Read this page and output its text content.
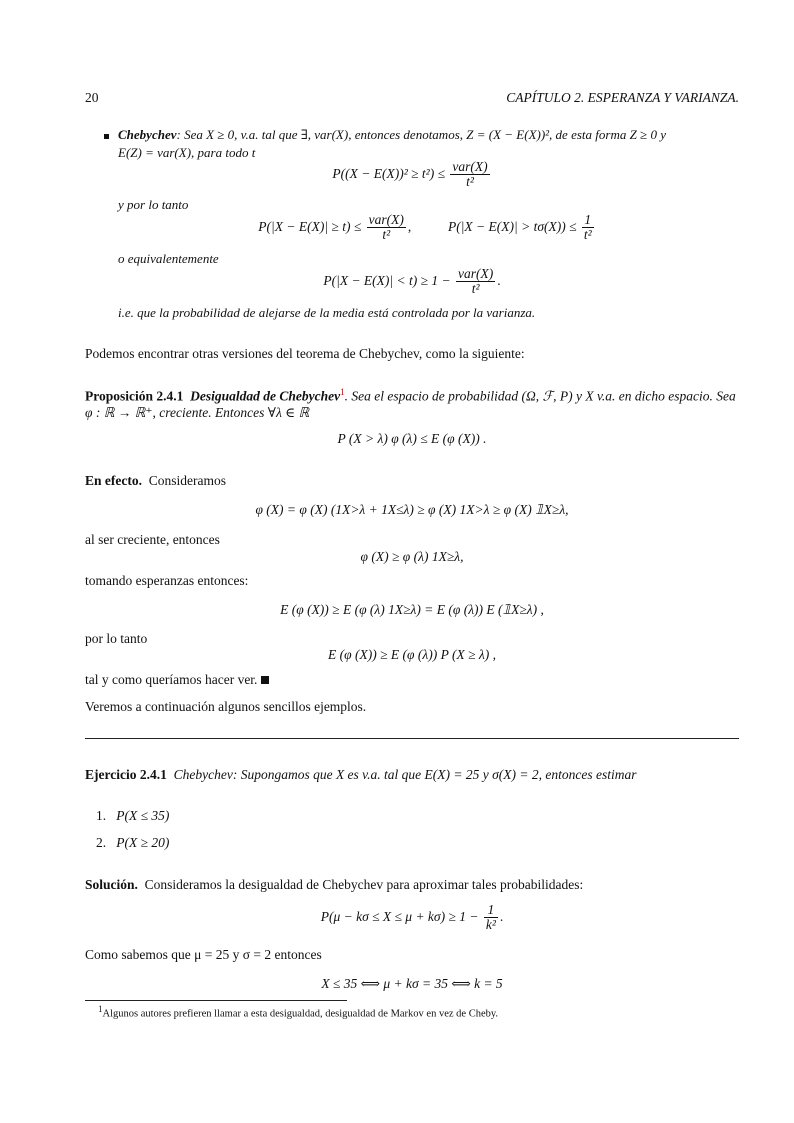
20	CAPÍTULO 2. ESPERANZA Y VARIANZA.
Chebychev: Sea X ≥ 0, v.a. tal que ∃, var(X), entonces denotamos, Z = (X − E(X))², de esta forma Z ≥ 0 y
E(Z) = var(X), para todo t
$P((X - E(X))^2 \ge t^2) \le \frac{\text{var(X)}}{\text{t²}}$
y por lo tanto
$P(|X - E(X)| \ge t) \le \frac{\text{var(X)}}{\text{t²}}$ ,	$P(|X - E(X)| > t\sigma(X)) \le \frac{1}{\text{t²}}$
o equivalentemente
$P(|X - E(X)| < t) \ge 1 - \frac{\text{var(X)}}{\text{t²}}$ .
i.e. que la probabilidad de alejarse de la media está controlada por la varianza.
Podemos encontrar otras versiones del teorema de Chebychev, como la siguiente:
Proposición 2.4.1 Desigualdad de Chebychev$^1$. Sea el espacio de probabilidad (Ω, ℱ, P) y X v.a. en dicho espacio. Sea
φ : ℝ → ℝ⁺, creciente. Entonces ∀λ ∈ ℝ
P (X > λ) φ (λ) ≤ E (φ (X)) .
En efecto. Consideramos
φ (X) = φ (X) (1X>λ + 1X≤λ) ≥ φ (X) 1X>λ ≥ φ (X) 𝟙X≥λ,
al ser creciente, entonces
φ (X) ≥ φ (λ) 1X≥λ,
tomando esperanzas entonces:
E (φ (X)) ≥ E (φ (λ) 1X≥λ) = E (φ (λ)) E (𝟙X≥λ) ,
por lo tanto
E (φ (X)) ≥ E (φ (λ)) P (X ≥ λ) ,
tal y como queríamos hacer ver.
Veremos a continuación algunos sencillos ejemplos.
Ejercicio 2.4.1 Chebychev: Supongamos que X es v.a. tal que E(X) = 25 y σ(X) = 2, entonces estimar
1. P(X ≤ 35)
2. P(X ≥ 20)
Solución. Consideramos la desigualdad de Chebychev para aproximar tales probabilidades:
$P(\mu - k\sigma \le X \le \mu + k\sigma) \ge 1 - \frac{1}{\text{k²}}$ .
Como sabemos que μ = 25 y σ = 2 entonces
X ≤ 35 ⟺ μ + kσ = 35 ⟺ k = 5
$^1$Algunos autores prefieren llamar a esta desigualdad, desigualdad de Markov en vez de Cheby.
